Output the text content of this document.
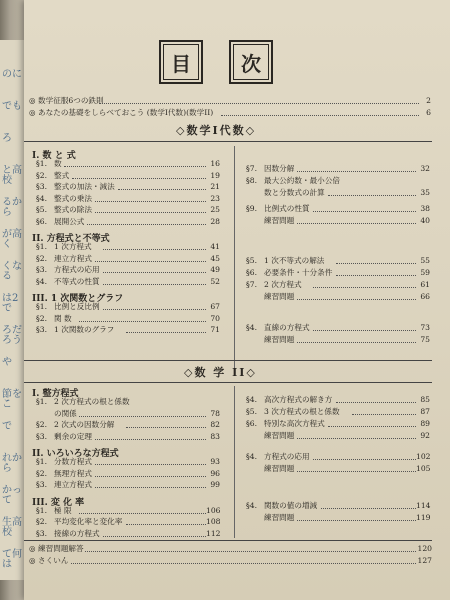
のに
でも
ろ
と高校
るから
が高く
くなる
は2で
ろだろう
や
節をこ
で
れから
かって
生高校
て何は
目	次
◎ 数学征服6つの鉄則	2
◎ あなたの基礎をしらべておこう (数学I代数)(数学II)	6
◇数学I代数◇
I. 数 と 式
§1. 数	16
§2. 整式	19
§3. 整式の加法・減法	21
§4. 整式の乗法	23
§5. 整式の除法	25
§6. 展開公式	28
II. 方程式と不等式
§1. 1 次方程式	41
§2. 連立方程式	45
§3. 方程式の応用	49
§4. 不等式の性質	52
III. 1 次関数とグラフ
§1. 比例と反比例	67
§2. 関 数	70
§3. 1 次関数のグラフ	71
§7. 因数分解	32
§8. 最大公約数・最小公倍
数と分数式の計算	35
§9. 比例式の性質	38
練習問題	40
§5. 1 次不等式の解法	55
§6. 必要条件・十分条件	59
§7. 2 次方程式	61
練習問題	66
§4. 直線の方程式	73
練習問題	75
◇数 学 II◇
I. 整方程式
§1. 2 次方程式の根と係数
の関係	78
§2. 2 次式の因数分解	82
§3. 剰余の定理	83
II. いろいろな方程式
§1. 分数方程式	93
§2. 無理方程式	96
§3. 連立方程式	99
III. 変 化 率
§1. 極 限	106
§2. 平均変化率と変化率	108
§3. 接線の方程式	112
§4. 高次方程式の解き方	85
§5. 3 次方程式の根と係数	87
§6. 特別な高次方程式	89
練習問題	92
§4. 方程式の応用	102
練習問題	105
§4. 関数の値の増減	114
練習問題	119
◎ 練習問題解答	120
◎ さくいん	127
